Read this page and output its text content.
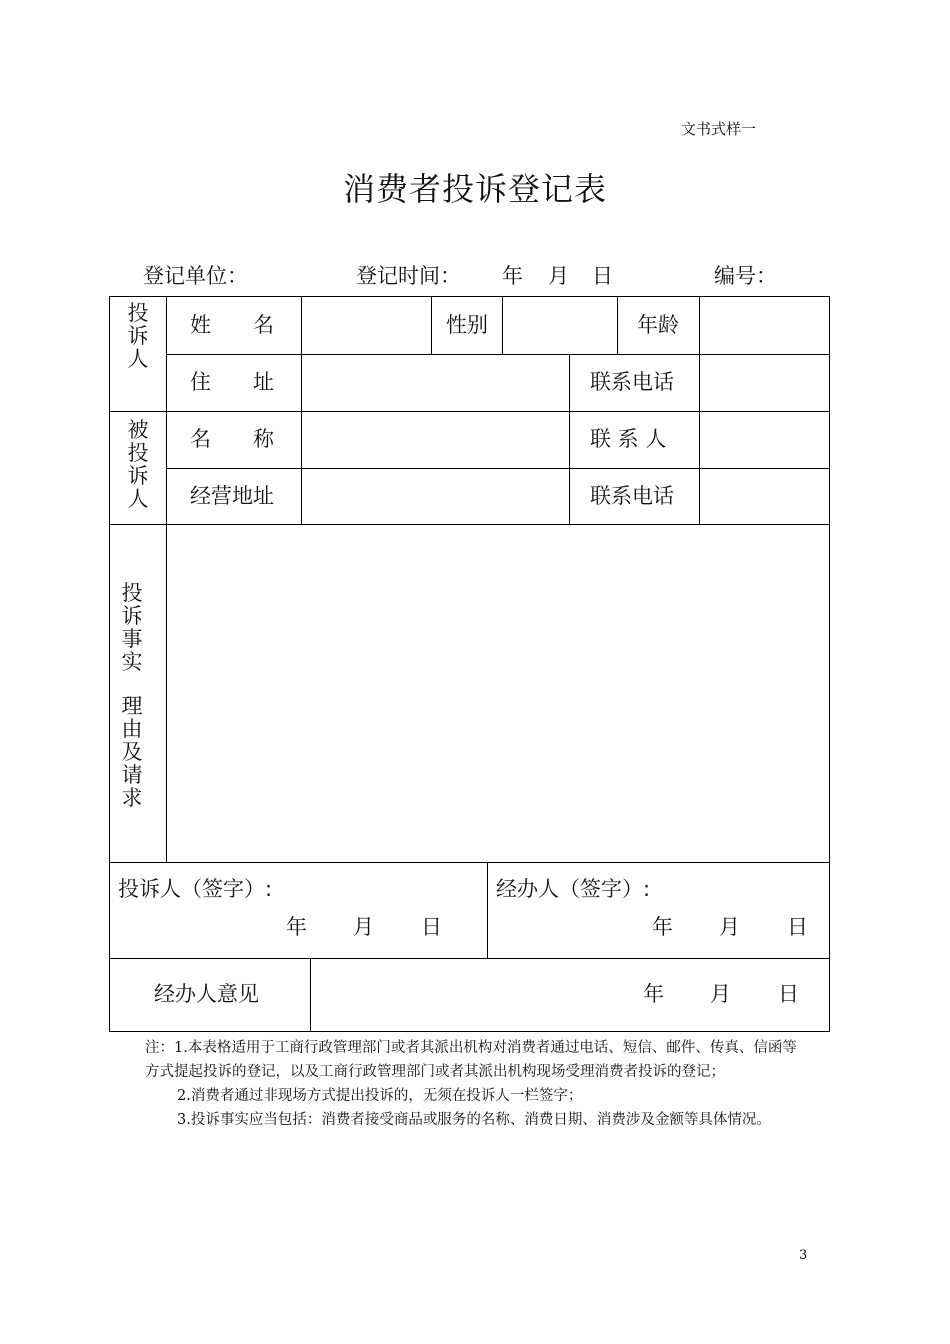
文书式样一
消费者投诉登记表
登记单位：	登记时间： 年 月 日	编号：
投诉人
姓　　名	性别	年龄
住　　址	联系电话
被投诉人
名　　称	联 系 人
经营地址	联系电话
投诉事实
理由及请求
投诉人（签字）:
年 月 日
经办人（签字）:
年 月 日
经办人意见	年 月 日

注：1.本表格适用于工商行政管理部门或者其派出机构对消费者通过电话、短信、邮件、传真、信函等方式提起投诉的登记，以及工商行政管理部门或者其派出机构现场受理消费者投诉的登记；

2.消费者通过非现场方式提出投诉的，无须在投诉人一栏签字；

3.投诉事实应当包括：消费者接受商品或服务的名称、消费日期、消费涉及金额等具体情况。

3
